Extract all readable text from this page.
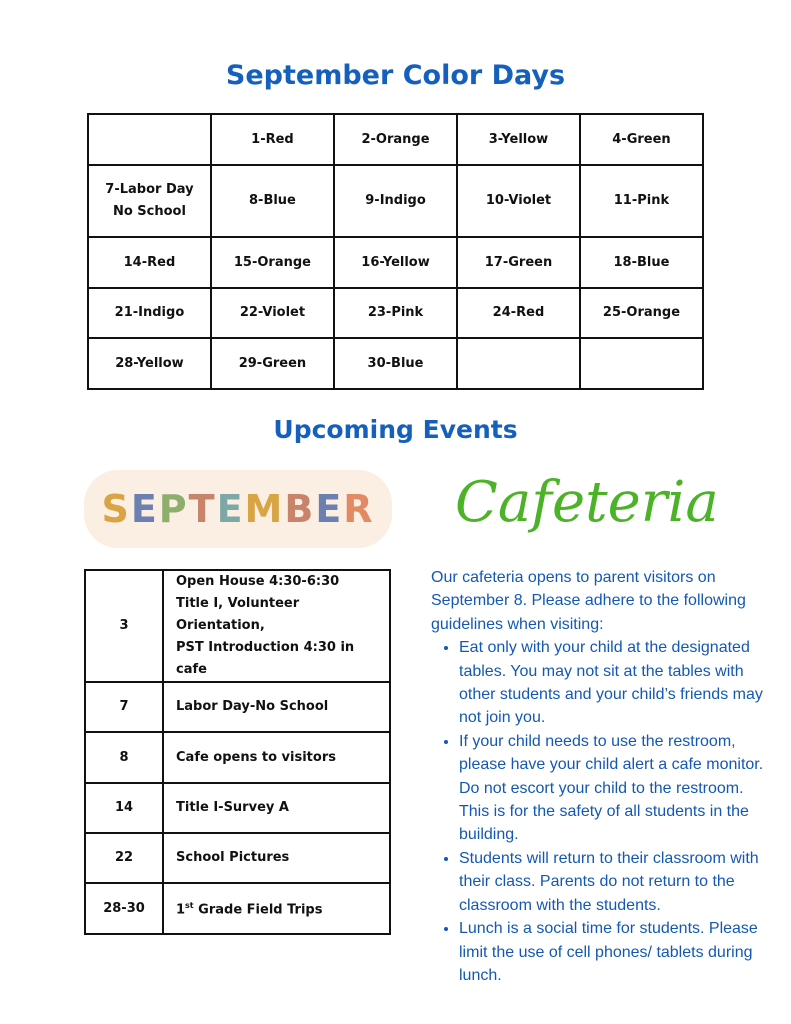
September Color Days
	1-Red	2-Orange	3-Yellow	4-Green
7-Labor Day
No School	8-Blue	9-Indigo	10-Violet	11-Pink
14-Red	15-Orange	16-Yellow	17-Green	18-Blue
21-Indigo	22-Violet	23-Pink	24-Red	25-Orange
28-Yellow	29-Green	30-Blue		
Upcoming Events
SEPTEMBER	Cafeteria
3	Open House 4:30-6:30
Title I, Volunteer Orientation,
PST Introduction 4:30 in cafe
7	Labor Day-No School
8	Cafe opens to visitors
14	Title I-Survey A
22	School Pictures
28-30	1st Grade Field Trips
Our cafeteria opens to parent visitors on September 8. Please adhere to the following guidelines when visiting:
• Eat only with your child at the designated tables. You may not sit at the tables with other students and your child’s friends may not join you.
• If your child needs to use the restroom, please have your child alert a cafe monitor. Do not escort your child to the restroom. This is for the safety of all students in the building.
• Students will return to their classroom with their class. Parents do not return to the classroom with the students.
• Lunch is a social time for students. Please limit the use of cell phones/ tablets during lunch.
